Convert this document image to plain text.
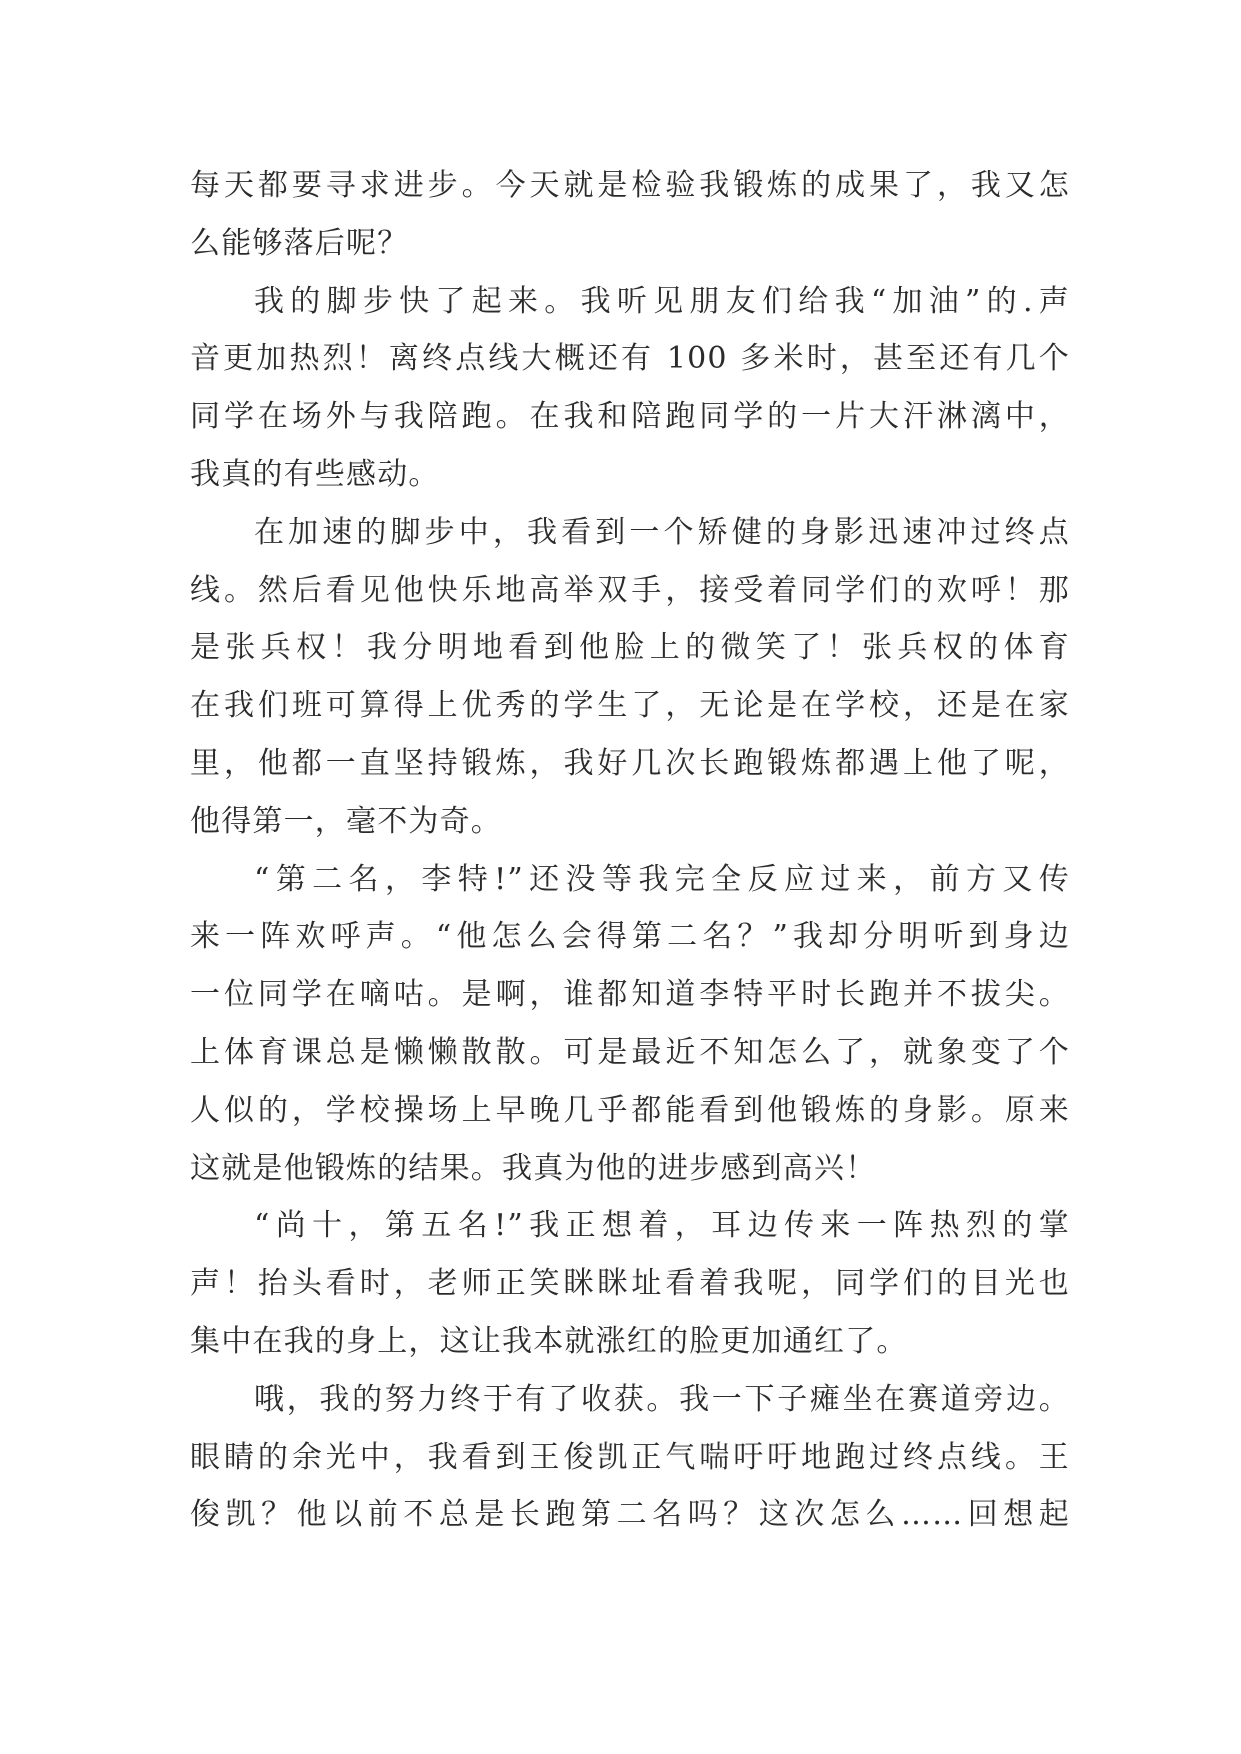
每天都要寻求进步。今天就是检验我锻炼的成果了，我又怎
么能够落后呢？
我的脚步快了起来。我听见朋友们给我“加油”的.声
音更加热烈！离终点线大概还有 100 多米时，甚至还有几个
同学在场外与我陪跑。在我和陪跑同学的一片大汗淋漓中，
我真的有些感动。
在加速的脚步中，我看到一个矫健的身影迅速冲过终点
线。然后看见他快乐地高举双手，接受着同学们的欢呼！那
是张兵权！我分明地看到他脸上的微笑了！张兵权的体育
在我们班可算得上优秀的学生了，无论是在学校，还是在家
里，他都一直坚持锻炼，我好几次长跑锻炼都遇上他了呢，
他得第一，毫不为奇。
“第二名，李特!”还没等我完全反应过来，前方又传
来一阵欢呼声。“他怎么会得第二名？”我却分明听到身边
一位同学在嘀咕。是啊，谁都知道李特平时长跑并不拔尖。
上体育课总是懒懒散散。可是最近不知怎么了，就象变了个
人似的，学校操场上早晚几乎都能看到他锻炼的身影。原来
这就是他锻炼的结果。我真为他的进步感到高兴！
“尚十，第五名!”我正想着，耳边传来一阵热烈的掌
声！抬头看时，老师正笑眯眯址看着我呢，同学们的目光也
集中在我的身上，这让我本就涨红的脸更加通红了。
哦，我的努力终于有了收获。我一下子瘫坐在赛道旁边。
眼睛的余光中，我看到王俊凯正气喘吁吁地跑过终点线。王
俊凯？他以前不总是长跑第二名吗？这次怎么……回想起
